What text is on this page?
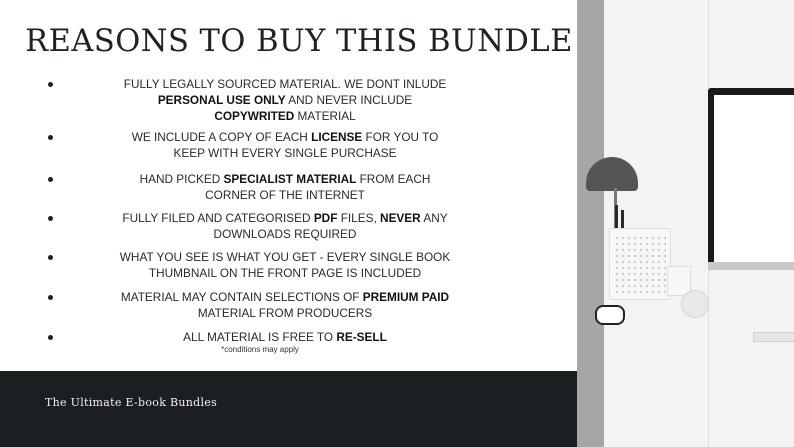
REASONS TO BUY THIS BUNDLE
FULLY LEGALLY SOURCED MATERIAL. WE DONT INLUDE
PERSONAL USE ONLY AND NEVER INCLUDE
COPYWRITED MATERIAL
WE INCLUDE A COPY OF EACH LICENSE FOR YOU TO
KEEP WITH EVERY SINGLE PURCHASE
HAND PICKED SPECIALIST MATERIAL FROM EACH
CORNER OF THE INTERNET
FULLY FILED AND CATEGORISED PDF FILES, NEVER ANY
DOWNLOADS REQUIRED
WHAT YOU SEE IS WHAT YOU GET - EVERY SINGLE BOOK
THUMBNAIL ON THE FRONT PAGE IS INCLUDED
MATERIAL MAY CONTAIN SELECTIONS OF PREMIUM PAID
MATERIAL FROM PRODUCERS
ALL MATERIAL IS FREE TO RE-SELL
*conditions may apply
The Ultimate E-book Bundles
